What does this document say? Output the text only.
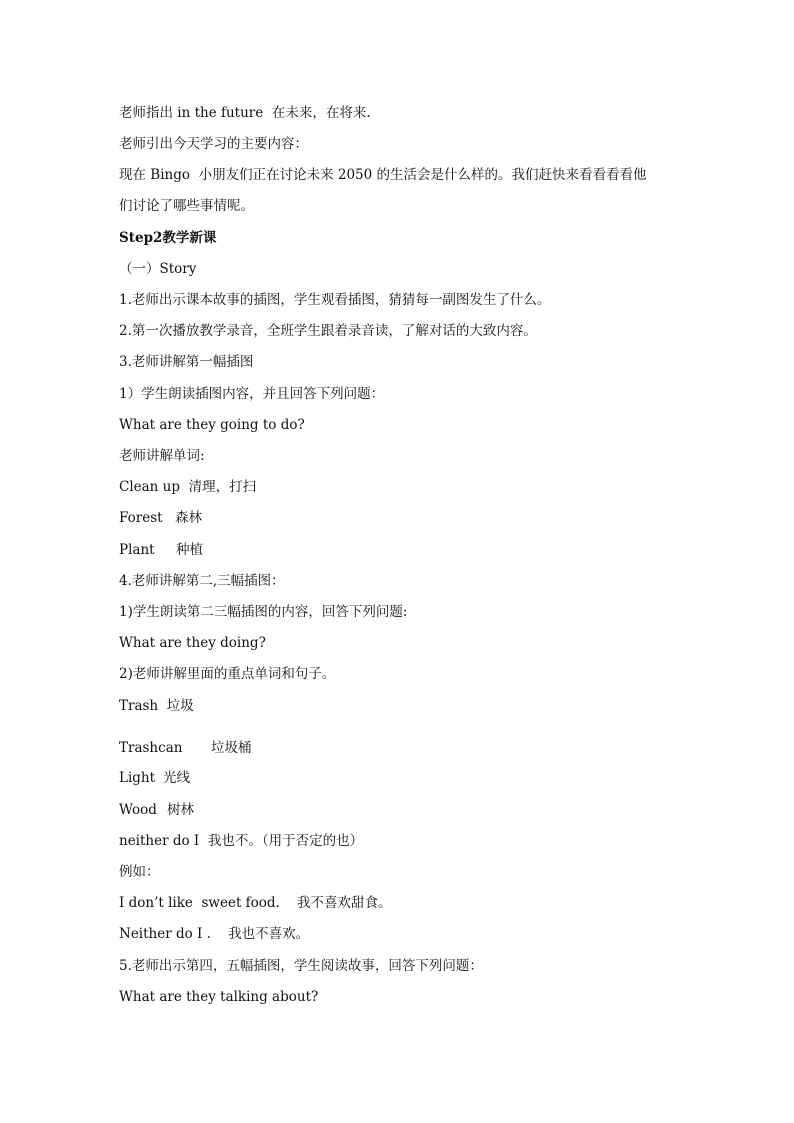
老师指出 in the future  在未来，在将来.
老师引出今天学习的主要内容：
现在 Bingo  小朋友们正在讨论未来 2050 的生活会是什么样的。我们赶快来看看看看他
们讨论了哪些事情呢。
Step2教学新课
（一）Story
1.老师出示课本故事的插图，学生观看插图，猜猜每一副图发生了什么。
2.第一次播放教学录音，全班学生跟着录音读，了解对话的大致内容。
3.老师讲解第一幅插图
1）学生朗读插图内容，并且回答下列问题：
What are they going to do?
老师讲解单词:
Clean up  清理，打扫
Forest 森林
Plant 种植
4.老师讲解第二,三幅插图：
1)学生朗读第二三幅插图的内容，回答下列问题:
What are they doing?
2)老师讲解里面的重点单词和句子。
Trash  垃圾
Trashcan 垃圾桶
Light 光线
Wood 树林
neither do I  我也不。（用于否定的也）
例如：
I don’t like  sweet food.    我不喜欢甜食。
Neither do I .    我也不喜欢。
5.老师出示第四，五幅插图，学生阅读故事，回答下列问题：
What are they talking about?
